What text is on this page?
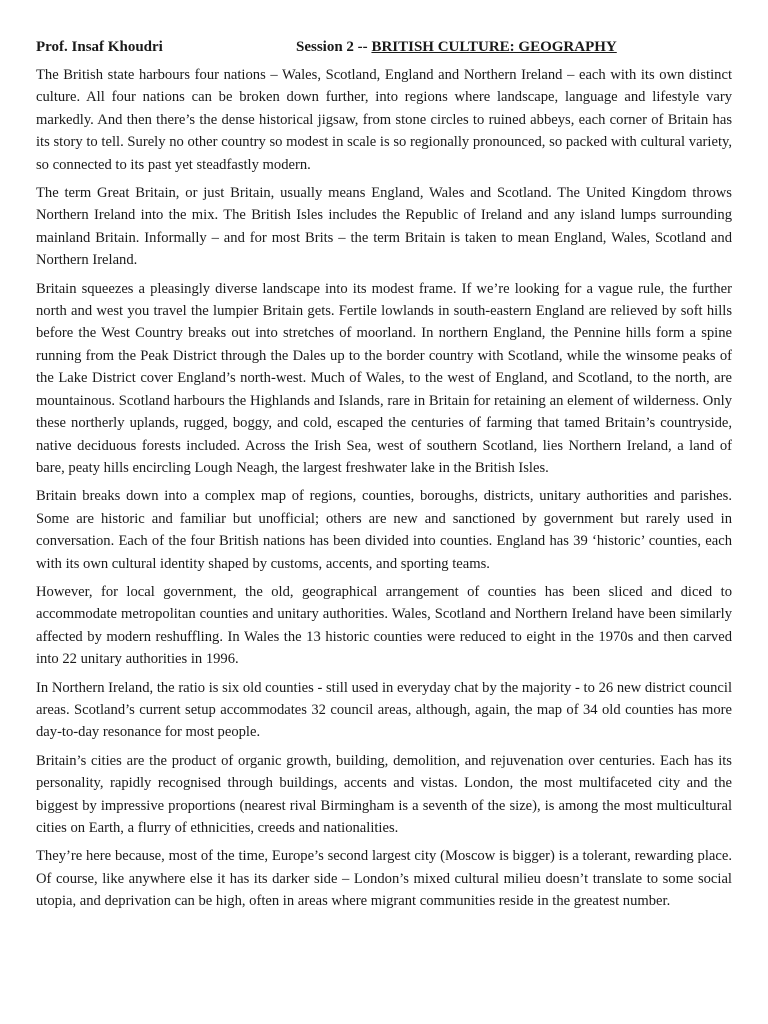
Prof. Insaf Khoudri	Session 2 -- BRITISH CULTURE: GEOGRAPHY

The British state harbours four nations – Wales, Scotland, England and Northern Ireland – each with its own distinct culture. All four nations can be broken down further, into regions where landscape, language and lifestyle vary markedly. And then there’s the dense historical jigsaw, from stone circles to ruined abbeys, each corner of Britain has its story to tell. Surely no other country so modest in scale is so regionally pronounced, so packed with cultural variety, so connected to its past yet steadfastly modern.

The term Great Britain, or just Britain, usually means England, Wales and Scotland. The United Kingdom throws Northern Ireland into the mix. The British Isles includes the Republic of Ireland and any island lumps surrounding mainland Britain. Informally – and for most Brits – the term Britain is taken to mean England, Wales, Scotland and Northern Ireland.

Britain squeezes a pleasingly diverse landscape into its modest frame. If we’re looking for a vague rule, the further north and west you travel the lumpier Britain gets. Fertile lowlands in south-eastern England are relieved by soft hills before the West Country breaks out into stretches of moorland. In northern England, the Pennine hills form a spine running from the Peak District through the Dales up to the border country with Scotland, while the winsome peaks of the Lake District cover England’s north-west. Much of Wales, to the west of England, and Scotland, to the north, are mountainous. Scotland harbours the Highlands and Islands, rare in Britain for retaining an element of wilderness. Only these northerly uplands, rugged, boggy, and cold, escaped the centuries of farming that tamed Britain’s countryside, native deciduous forests included. Across the Irish Sea, west of southern Scotland, lies Northern Ireland, a land of bare, peaty hills encircling Lough Neagh, the largest freshwater lake in the British Isles.

Britain breaks down into a complex map of regions, counties, boroughs, districts, unitary authorities and parishes. Some are historic and familiar but unofficial; others are new and sanctioned by government but rarely used in conversation. Each of the four British nations has been divided into counties. England has 39 ‘historic’ counties, each with its own cultural identity shaped by customs, accents, and sporting teams.

However, for local government, the old, geographical arrangement of counties has been sliced and diced to accommodate metropolitan counties and unitary authorities. Wales, Scotland and Northern Ireland have been similarly affected by modern reshuffling. In Wales the 13 historic counties were reduced to eight in the 1970s and then carved into 22 unitary authorities in 1996.

In Northern Ireland, the ratio is six old counties - still used in everyday chat by the majority - to 26 new district council areas. Scotland’s current setup accommodates 32 council areas, although, again, the map of 34 old counties has more day-to-day resonance for most people.

Britain’s cities are the product of organic growth, building, demolition, and rejuvenation over centuries. Each has its personality, rapidly recognised through buildings, accents and vistas. London, the most multifaceted city and the biggest by impressive proportions (nearest rival Birmingham is a seventh of the size), is among the most multicultural cities on Earth, a flurry of ethnicities, creeds and nationalities.

They’re here because, most of the time, Europe’s second largest city (Moscow is bigger) is a tolerant, rewarding place. Of course, like anywhere else it has its darker side – London’s mixed cultural milieu doesn’t translate to some social utopia, and deprivation can be high, often in areas where migrant communities reside in the greatest number.
